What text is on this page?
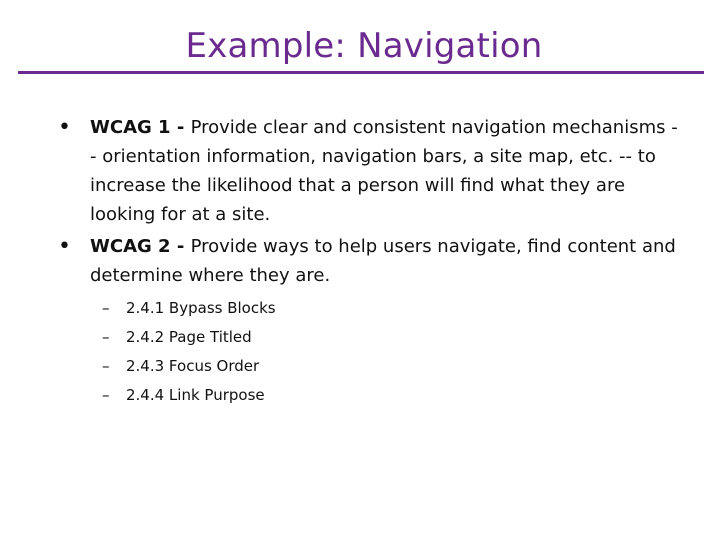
Example: Navigation
•	WCAG 1 - Provide clear and consistent navigation mechanisms -- orientation information, navigation bars, a site map, etc. -- to increase the likelihood that a person will find what they are looking for at a site.
•	WCAG 2 - Provide ways to help users navigate, find content and determine where they are.
– 2.4.1 Bypass Blocks
– 2.4.2 Page Titled
– 2.4.3 Focus Order
– 2.4.4 Link Purpose
